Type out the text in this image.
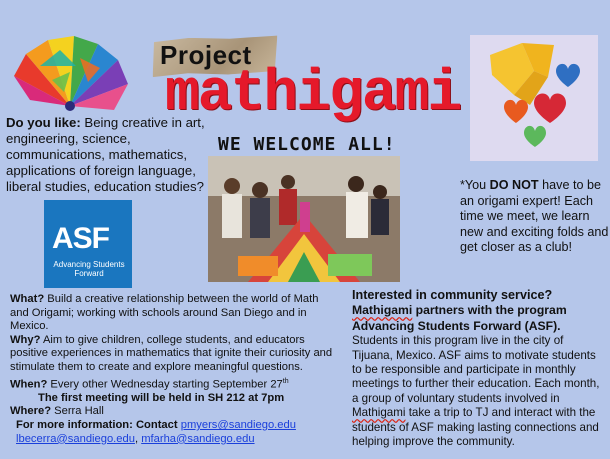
Project
mathigami
WE WELCOME ALL!
Do you like: Being creative in art, engineering, science, communications, mathematics, applications of foreign language, liberal studies, education studies?
ASF
Advancing Students Forward
*You DO NOT have to be an origami expert! Each time we meet, we learn new and exciting folds and get closer as a club!

What? Build a creative relationship between the world of Math and Origami; working with schools around San Diego and in Mexico.

Why? Aim to give children, college students, and educators positive experiences in mathematics that ignite their curiosity and stimulate them to create and explore meaningful questions.

When? Every other Wednesday starting September 27th

The first meeting will be held in SH 212 at 7pm

Where? Serra Hall

For more information: Contact pmyers@sandiego.edu

lbecerra@sandiego.edu, mfarha@sandiego.edu

Interested in community service?
Mathigami partners with the program Advancing Students Forward (ASF). Students in this program live in the city of Tijuana, Mexico. ASF aims to motivate students to be responsible and participate in monthly meetings to further their education. Each month, a group of voluntary students involved in Mathigami take a trip to TJ and interact with the students of ASF making lasting connections and helping improve the community.
